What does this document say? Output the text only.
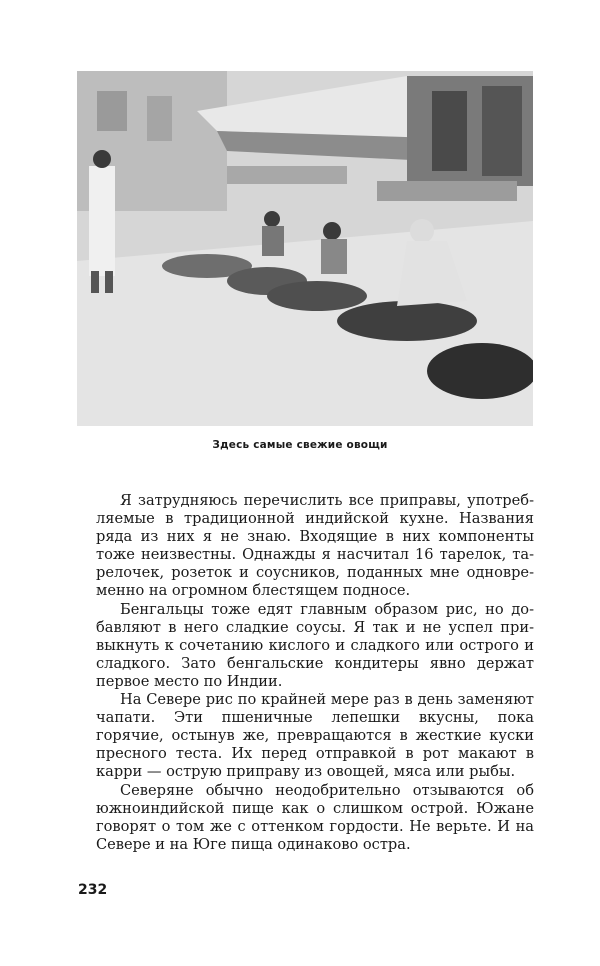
Здесь самые свежие овощи

Я затрудняюсь перечислить все приправы, употребляемые в традиционной индийской кухне. Названия ряда из них я не знаю. Входящие в них компоненты тоже неизвестны. Однажды я насчитал 16 тарелок, тарелочек, розеток и соусников, поданных мне одновременно на огромном блестящем подносе.

Бенгальцы тоже едят главным образом рис, но добавляют в него сладкие соусы. Я так и не успел привыкнуть к сочетанию кислого и сладкого или острого и сладкого. Зато бенгальские кондитеры явно держат первое место по Индии.

На Севере рис по крайней мере раз в день заменяют чапати. Эти пшеничные лепешки вкусны, пока горячие, остынув же, превращаются в жесткие куски пресного теста. Их перед отправкой в рот макают в карри — острую приправу из овощей, мяса или рыбы.

Северяне обычно неодобрительно отзываются об южноиндийской пище как о слишком острой. Южане говорят о том же с оттенком гордости. Не верьте. И на Севере и на Юге пища одинаково остра.

232
